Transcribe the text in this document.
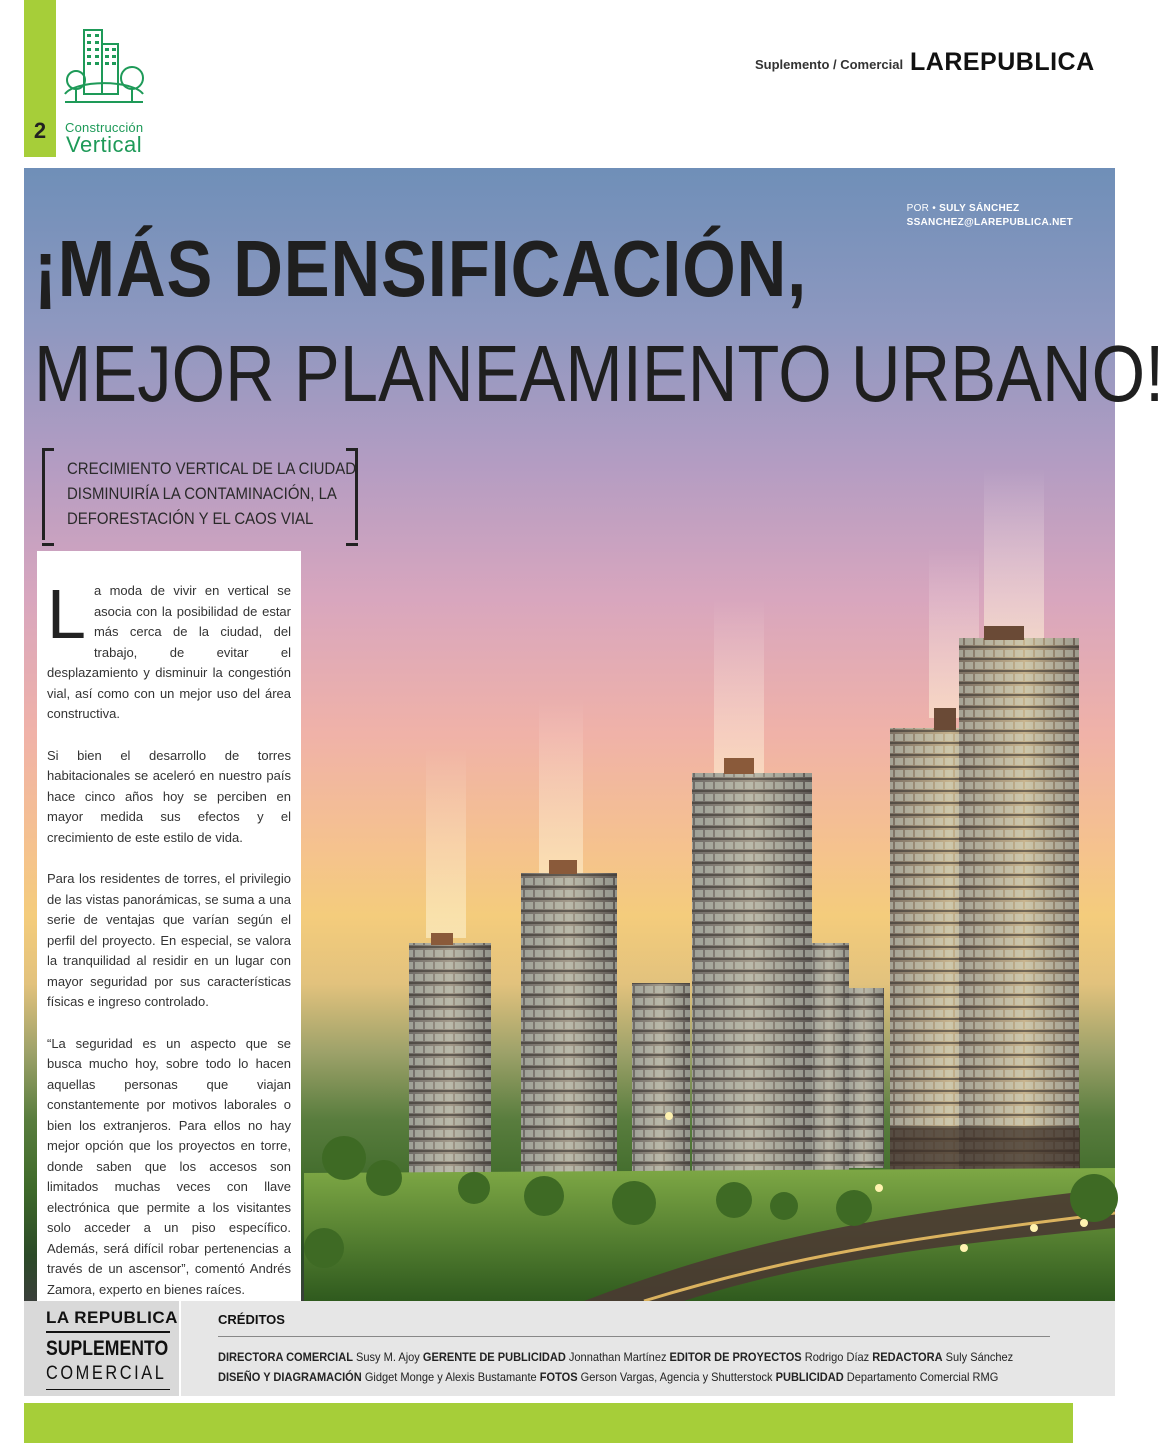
2	Construcción
Vertical
Suplemento / Comercial LAREPUBLICA
POR • SULY SÁNCHEZ
SSANCHEZ@LAREPUBLICA.NET
¡MÁS DENSIFICACIÓN,
MEJOR PLANEAMIENTO URBANO!
CRECIMIENTO VERTICAL DE LA CIUDAD DISMINUIRÍA LA CONTAMINACIÓN, LA DEFORESTACIÓN Y EL CAOS VIAL

La moda de vivir en vertical se asocia con la posibilidad de estar más cerca de la ciudad, del trabajo, de evitar el desplazamiento y disminuir la congestión vial, así como con un mejor uso del área constructiva.

Si bien el desarrollo de torres habitacionales se aceleró en nuestro país hace cinco años hoy se perciben en mayor medida sus efectos y el crecimiento de este estilo de vida.

Para los residentes de torres, el privilegio de las vistas panorámicas, se suma a una serie de ventajas que varían según el perfil del proyecto. En especial, se valora la tranquilidad al residir en un lugar con mayor seguridad por sus características físicas e ingreso controlado.

“La seguridad es un aspecto que se busca mucho hoy, sobre todo lo hacen aquellas personas que viajan constantemente por motivos laborales o bien los extranjeros. Para ellos no hay mejor opción que los proyectos en torre, donde saben que los accesos son limitados muchas veces con llave electrónica que permite a los visitantes solo acceder a un piso específico. Además, será difícil robar pertenencias a través de un ascensor”, comentó Andrés Zamora, experto en bienes raíces.

LA REPUBLICA
SUPLEMENTO
COMERCIAL
CRÉDITOS
DIRECTORA COMERCIAL Susy M. Ajoy GERENTE DE PUBLICIDAD Jonnathan Martínez EDITOR DE PROYECTOS Rodrigo Díaz REDACTORA Suly Sánchez
DISEÑO Y DIAGRAMACIÓN Gidget Monge y Alexis Bustamante FOTOS Gerson Vargas, Agencia y Shutterstock PUBLICIDAD Departamento Comercial RMG
